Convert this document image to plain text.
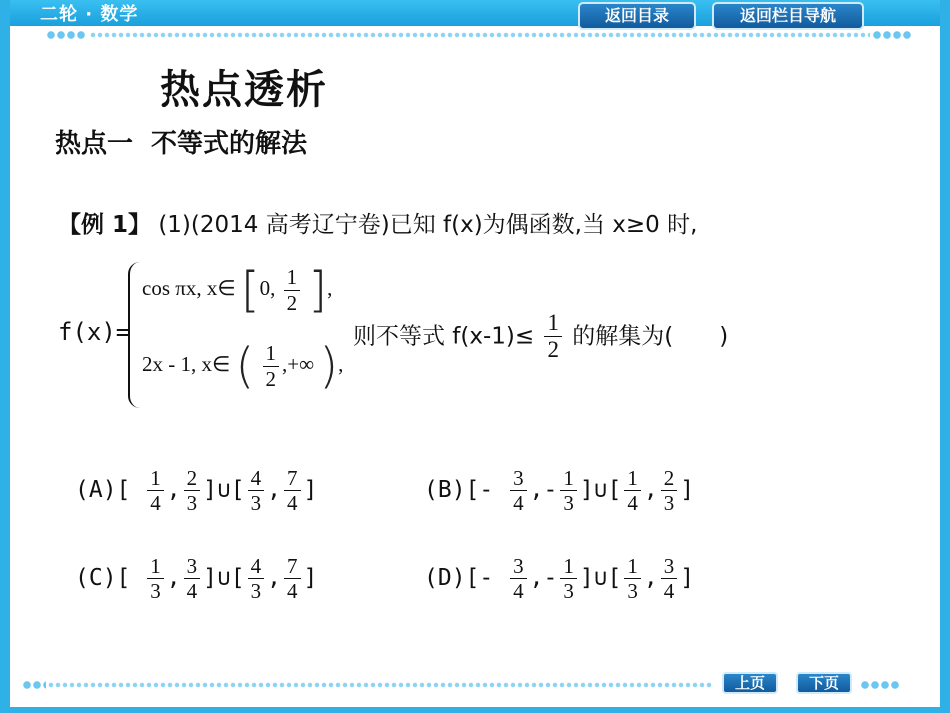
二轮 · 数学	返回目录	返回栏目导航
热点透析
热点一 不等式的解法
【例 1】 (1)(2014 高考辽宁卷)已知 f(x)为偶函数,当 x≥0 时,
f(x)=
cos πx, x∈ [0, $\frac{1}{2}$ ],
2x - 1, x∈ ( $\frac{1}{2}$ ,+∞ ),
则不等式 $f(x-1)\le \frac{1}{2}$ 的解集为(　　)
$(A)[ \frac{1}{4}$ , $\frac{2}{3}$ ]∪[ $\frac{4}{3}$ , $\frac{7}{4}$ ]	$(B)[- \frac{3}{4}$ ,- $\frac{1}{3}$ ]∪[ $\frac{1}{4}$ , $\frac{2}{3}$ ]
$(C)[ \frac{1}{3}$ , $\frac{3}{4}$ ]∪[ $\frac{4}{3}$ , $\frac{7}{4}$ ]	$(D)[- \frac{3}{4}$ ,- $\frac{1}{3}$ ]∪[ $\frac{1}{3}$ , $\frac{3}{4}$ ]
上页	下页
